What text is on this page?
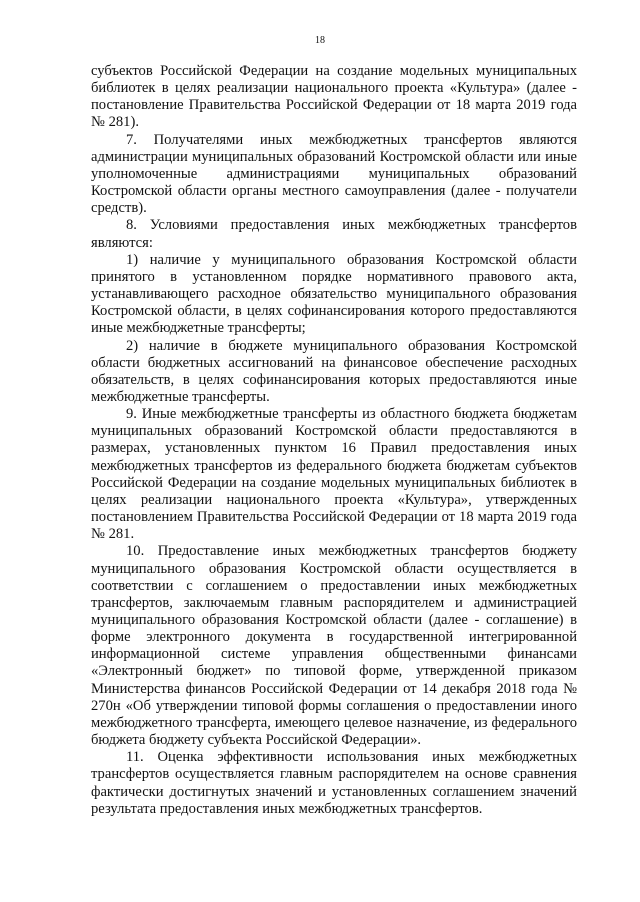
18

субъектов Российской Федерации на создание модельных муниципальных библиотек в целях реализации национального проекта «Культура» (далее - постановление Правительства Российской Федерации от 18 марта 2019 года № 281).

7. Получателями иных межбюджетных трансфертов являются администрации муниципальных образований Костромской области или иные уполномоченные администрациями муниципальных образований Костромской области органы местного самоуправления (далее - получатели средств).

8. Условиями предоставления иных межбюджетных трансфертов являются:

1) наличие у муниципального образования Костромской области принятого в установленном порядке нормативного правового акта, устанавливающего расходное обязательство муниципального образования Костромской области, в целях софинансирования которого предоставляются иные межбюджетные трансферты;

2) наличие в бюджете муниципального образования Костромской области бюджетных ассигнований на финансовое обеспечение расходных обязательств, в целях софинансирования которых предоставляются иные межбюджетные трансферты.

9. Иные межбюджетные трансферты из областного бюджета бюджетам муниципальных образований Костромской области предоставляются в размерах, установленных пунктом 16 Правил предоставления иных межбюджетных трансфертов из федерального бюджета бюджетам субъектов Российской Федерации на создание модельных муниципальных библиотек в целях реализации национального проекта «Культура», утвержденных постановлением Правительства Российской Федерации от 18 марта 2019 года № 281.

10. Предоставление иных межбюджетных трансфертов бюджету муниципального образования Костромской области осуществляется в соответствии с соглашением о предоставлении иных межбюджетных трансфертов, заключаемым главным распорядителем и администрацией муниципального образования Костромской области (далее - соглашение) в форме электронного документа в государственной интегрированной информационной системе управления общественными финансами «Электронный бюджет» по типовой форме, утвержденной приказом Министерства финансов Российской Федерации от 14 декабря 2018 года № 270н «Об утверждении типовой формы соглашения о предоставлении иного межбюджетного трансферта, имеющего целевое назначение, из федерального бюджета бюджету субъекта Российской Федерации».

11. Оценка эффективности использования иных межбюджетных трансфертов осуществляется главным распорядителем на основе сравнения фактически достигнутых значений и установленных соглашением значений результата предоставления иных межбюджетных трансфертов.
